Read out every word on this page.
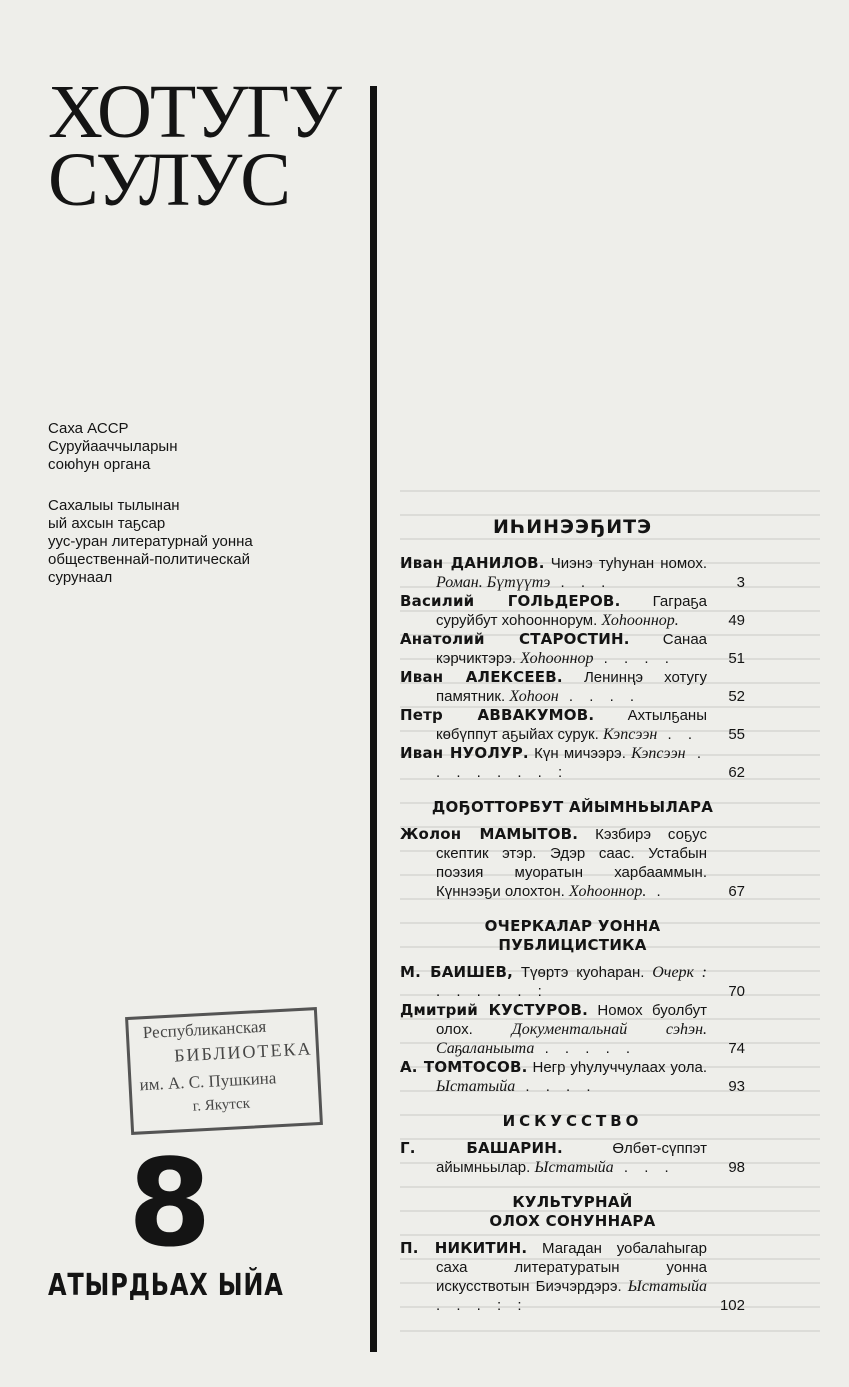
ХОТУГУ
СУЛУС
Саха АССР
Суруйааччыларын
союһун органа
Сахалыы тылынан
ый ахсын таҕсар
уус-уран литературнай уонна
общественнай-политическай
сурунаал
Республиканская
БИБЛИОТЕКА
им. А. С. Пушкина
г. Якутск
8
АТЫРДЬАХ ЫЙА
ИҺИНЭЭҔИТЭ

Иван ДАНИЛОВ. Чиэнэ туһунан номох. Роман. Бүтүүтэ . . .	3

Василий ГОЛЬДЕРОВ. Гаграҕа суруйбут хоһооннорум. Хоһооннор.	49

Анатолий СТАРОСТИН. Санаа кэрчиктэрэ. Хоһооннор . . . .	51

Иван АЛЕКСЕЕВ. Ленинңэ хотугу памятник. Хоһоон . . . .	52

Петр АВВАКУМОВ. Ахтылҕаны көбүппут аҕыйах сурук. Кэпсээн . . 55

Иван НУОЛУР. Күн мичээрэ. Кэпсээн . . . . . . . :	62

ДОҔОТТОРБУТ АЙЫМНЬЫЛАРА

Жолон МАМЫТОВ. Кэзбирэ соҕус скептик этэр. Эдэр саас. Устабын поэзия муоратын харбааммын. Күннээҕи олохтон. Хоһооннор. .	67

ОЧЕРКАЛАР УОННА
ПУБЛИЦИСТИКА

М. БАИШЕВ, Түөртэ куоһаран. Очерк : . . . . . :	70

Дмитрий КУСТУРОВ. Номох буолбут олох. Документальнай сэһэн. Саҕаланыыта . . . . .	74

А. ТОМТОСОВ. Негр уһулуччулаах уола. Ыстатыйа . . . .	93

ИСКУССТВО

Г. БАШАРИН.	Өлбөт-сүппэт айымньылар. Ыстатыйа . . .	98

КУЛЬТУРНАЙ
ОЛОХ СОНУННАРА

П. НИКИТИН. Магадан уобалаһыгар саха литературатын уонна искусствотын Биэчэрдэрэ. Ыстатыйа . . . : :	102
